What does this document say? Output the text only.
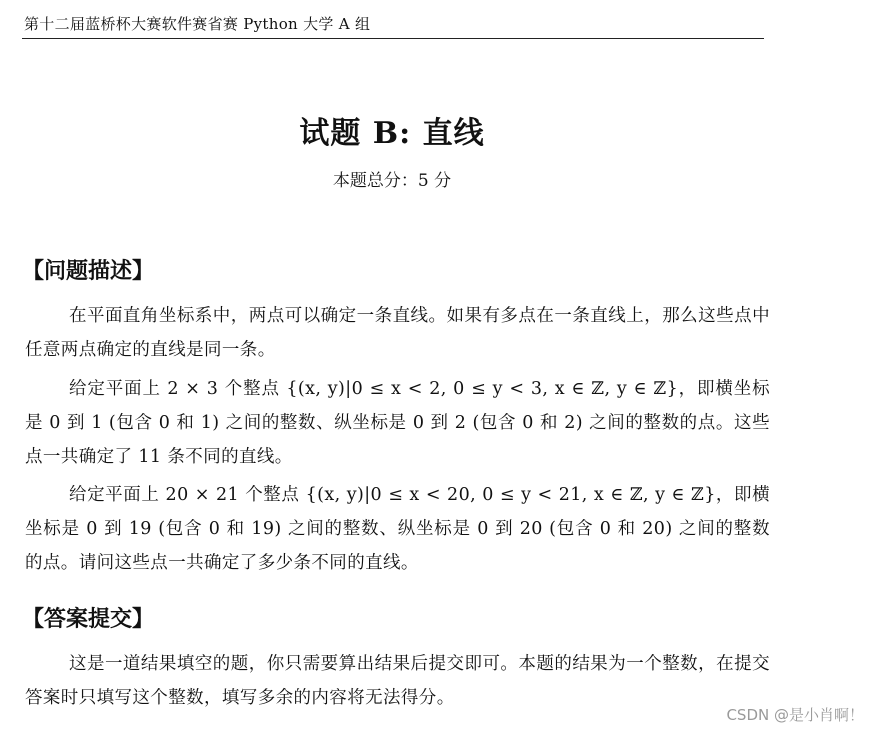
第十二届蓝桥杯大赛软件赛省赛 Python 大学 A 组
试题 B: 直线
本题总分：5 分
【问题描述】
在平面直角坐标系中，两点可以确定一条直线。如果有多点在一条直线上，那么这些点中任意两点确定的直线是同一条。
给定平面上 2 × 3 个整点 {(x, y)|0 ≤ x < 2, 0 ≤ y < 3, x ∈ ℤ, y ∈ ℤ}，即横坐标是 0 到 1 (包含 0 和 1) 之间的整数、纵坐标是 0 到 2 (包含 0 和 2) 之间的整数的点。这些点一共确定了 11 条不同的直线。
给定平面上 20 × 21 个整点 {(x, y)|0 ≤ x < 20, 0 ≤ y < 21, x ∈ ℤ, y ∈ ℤ}，即横坐标是 0 到 19 (包含 0 和 19) 之间的整数、纵坐标是 0 到 20 (包含 0 和 20) 之间的整数的点。请问这些点一共确定了多少条不同的直线。
【答案提交】
这是一道结果填空的题，你只需要算出结果后提交即可。本题的结果为一个整数，在提交答案时只填写这个整数，填写多余的内容将无法得分。
CSDN @是小肖啊！
